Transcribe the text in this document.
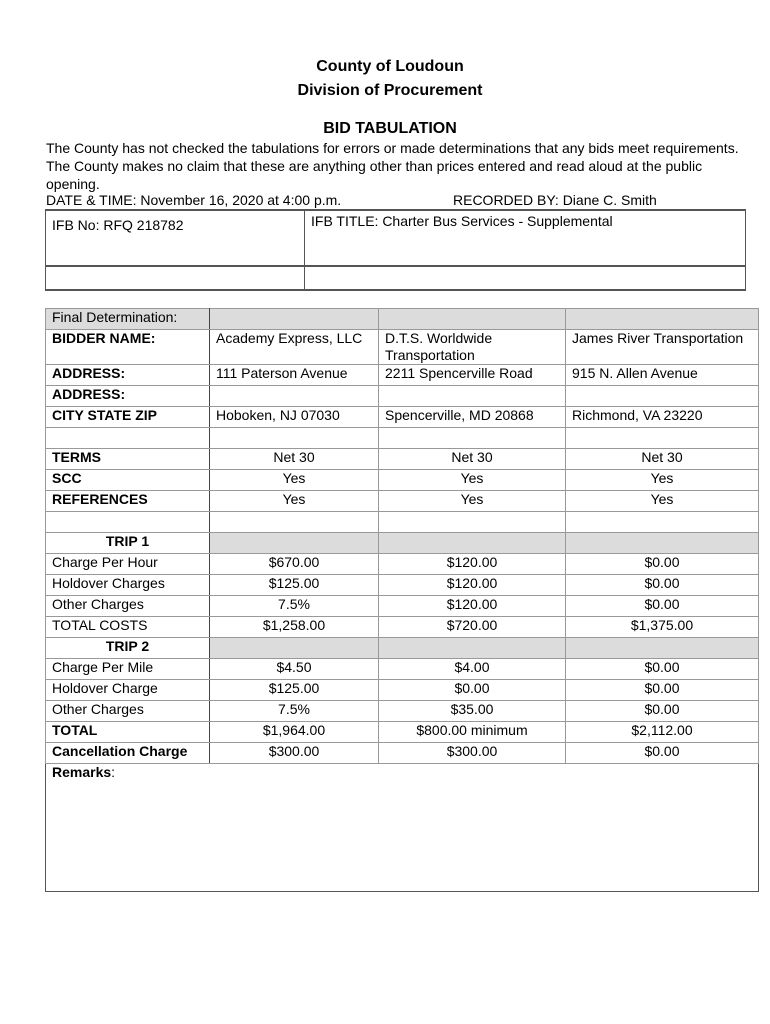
County of Loudoun
Division of Procurement
BID TABULATION

The County has not checked the tabulations for errors or made determinations that any bids meet requirements. The County makes no claim that these are anything other than prices entered and read aloud at the public opening.

DATE & TIME: November 16, 2020 at 4:00 p.m.	RECORDED BY: Diane C. Smith
IFB No: RFQ 218782	IFB TITLE: Charter Bus Services - Supplemental

Final Determination:			
BIDDER NAME:	Academy Express, LLC	D.T.S. Worldwide Transportation	James River Transportation
ADDRESS:	111 Paterson Avenue	2211 Spencerville Road	915 N. Allen Avenue
ADDRESS:			
CITY STATE ZIP	Hoboken, NJ 07030	Spencerville, MD 20868	Richmond, VA 23220

TERMS	Net 30	Net 30	Net 30
SCC	Yes	Yes	Yes
REFERENCES	Yes	Yes	Yes

TRIP 1			
Charge Per Hour	$670.00	$120.00	$0.00
Holdover Charges	$125.00	$120.00	$0.00
Other Charges	7.5%	$120.00	$0.00
TOTAL COSTS	$1,258.00	$720.00	$1,375.00
TRIP 2			
Charge Per Mile	$4.50	$4.00	$0.00
Holdover Charge	$125.00	$0.00	$0.00
Other Charges	7.5%	$35.00	$0.00
TOTAL	$1,964.00	$800.00 minimum	$2,112.00
Cancellation Charge	$300.00	$300.00	$0.00
Remarks:			
